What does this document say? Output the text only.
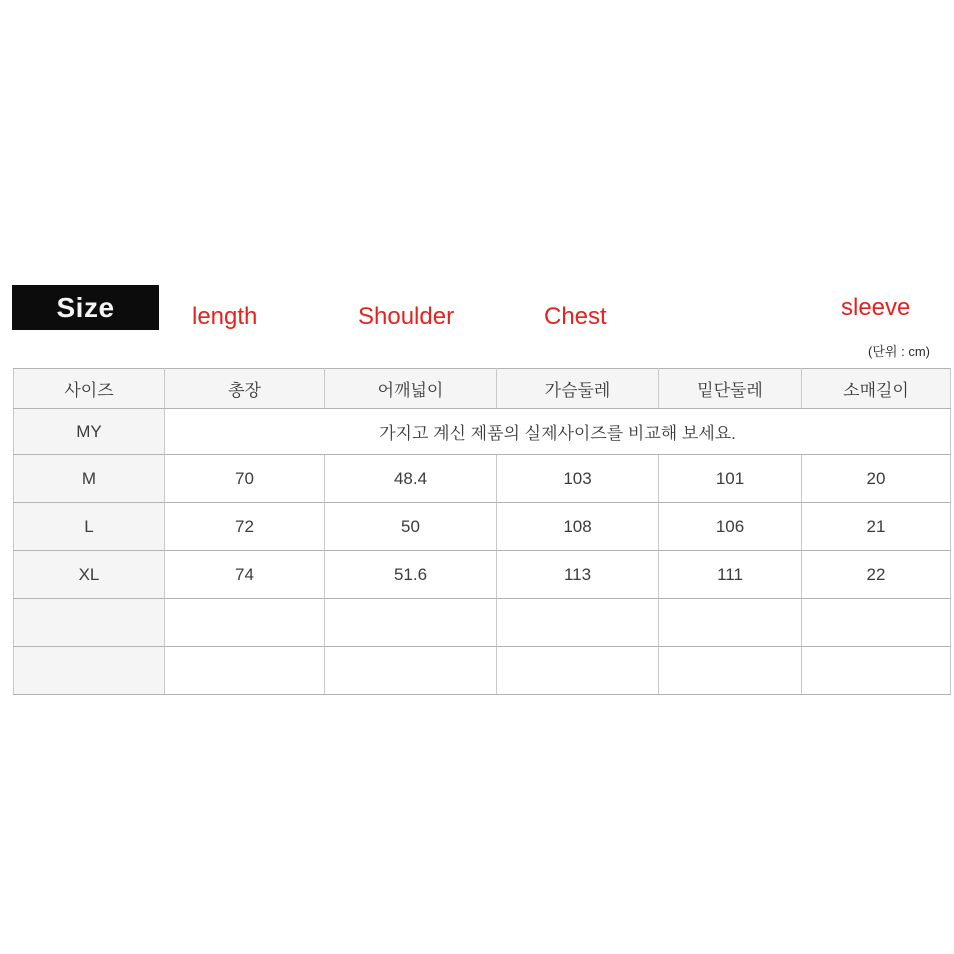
Size	length	Shoulder	Chest	sleeve
(단위 : cm)
사이즈	총장	어깨넓이	가슴둘레	밑단둘레	소매길이
MY	가지고 계신 제품의 실제사이즈를 비교해 보세요.				
M	70	48.4	103	101	20
L	72	50	108	106	21
XL	74	51.6	113	111	22
